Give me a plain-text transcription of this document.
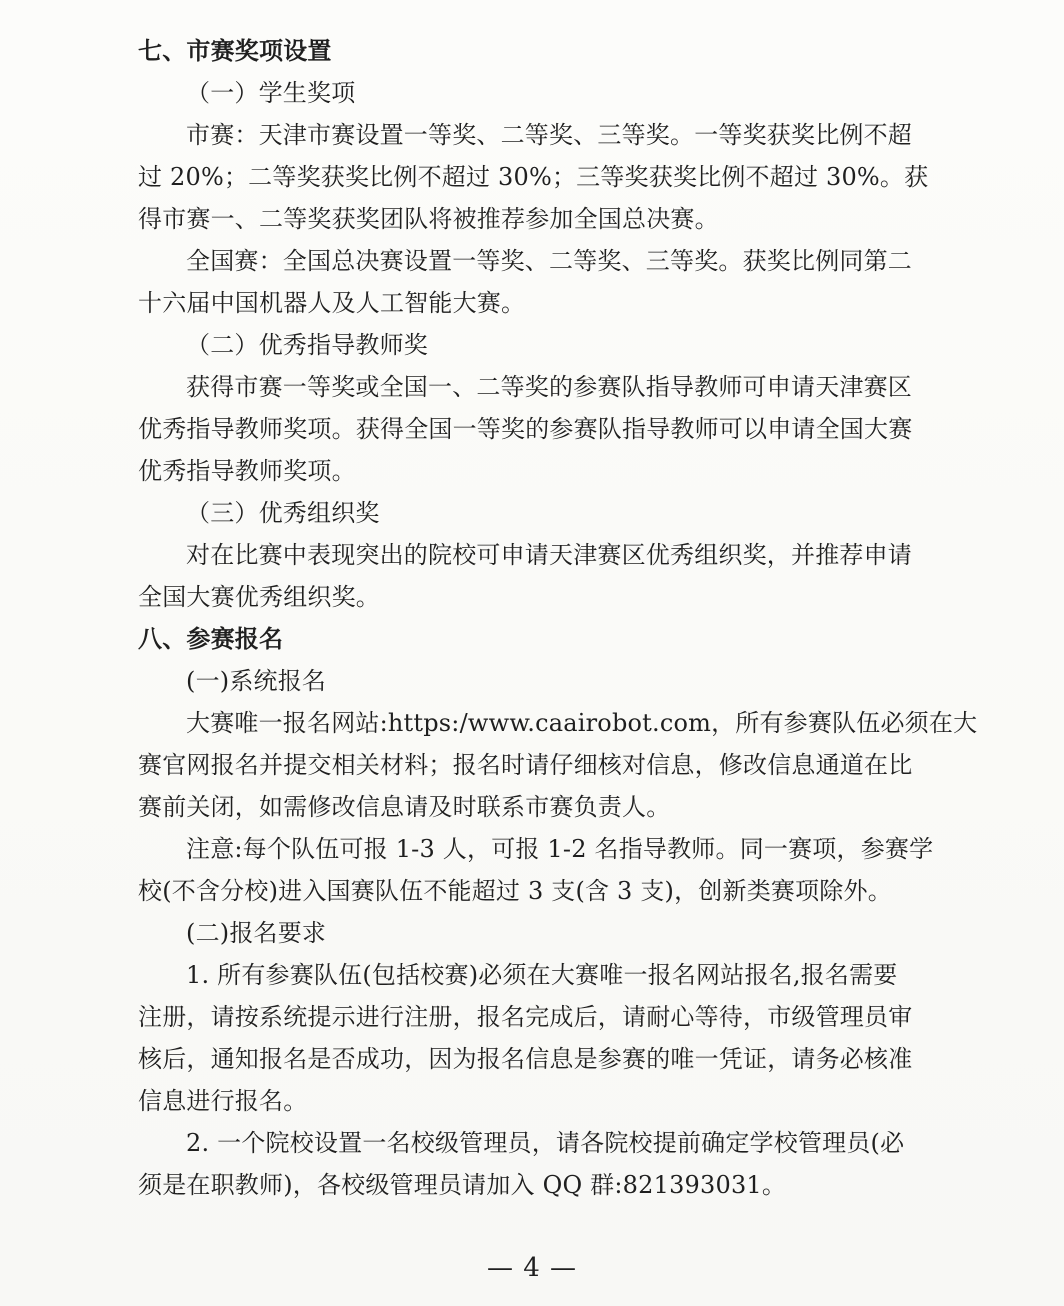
七、市赛奖项设置
（一）学生奖项
市赛：天津市赛设置一等奖、二等奖、三等奖。一等奖获奖比例不超
过 20%；二等奖获奖比例不超过 30%；三等奖获奖比例不超过 30%。获
得市赛一、二等奖获奖团队将被推荐参加全国总决赛。
全国赛：全国总决赛设置一等奖、二等奖、三等奖。获奖比例同第二
十六届中国机器人及人工智能大赛。
（二）优秀指导教师奖
获得市赛一等奖或全国一、二等奖的参赛队指导教师可申请天津赛区
优秀指导教师奖项。获得全国一等奖的参赛队指导教师可以申请全国大赛
优秀指导教师奖项。
（三）优秀组织奖
对在比赛中表现突出的院校可申请天津赛区优秀组织奖，并推荐申请
全国大赛优秀组织奖。
八、参赛报名
(一)系统报名
大赛唯一报名网站:https:/www.caairobot.com，所有参赛队伍必须在大
赛官网报名并提交相关材料；报名时请仔细核对信息，修改信息通道在比
赛前关闭，如需修改信息请及时联系市赛负责人。
注意:每个队伍可报 1-3 人，可报 1-2 名指导教师。同一赛项，参赛学
校(不含分校)进入国赛队伍不能超过 3 支(含 3 支)，创新类赛项除外。
(二)报名要求
1. 所有参赛队伍(包括校赛)必须在大赛唯一报名网站报名,报名需要
注册，请按系统提示进行注册，报名完成后，请耐心等待，市级管理员审
核后，通知报名是否成功，因为报名信息是参赛的唯一凭证，请务必核准
信息进行报名。
2. 一个院校设置一名校级管理员，请各院校提前确定学校管理员(必
须是在职教师)，各校级管理员请加入 QQ 群:821393031。
— 4 —
